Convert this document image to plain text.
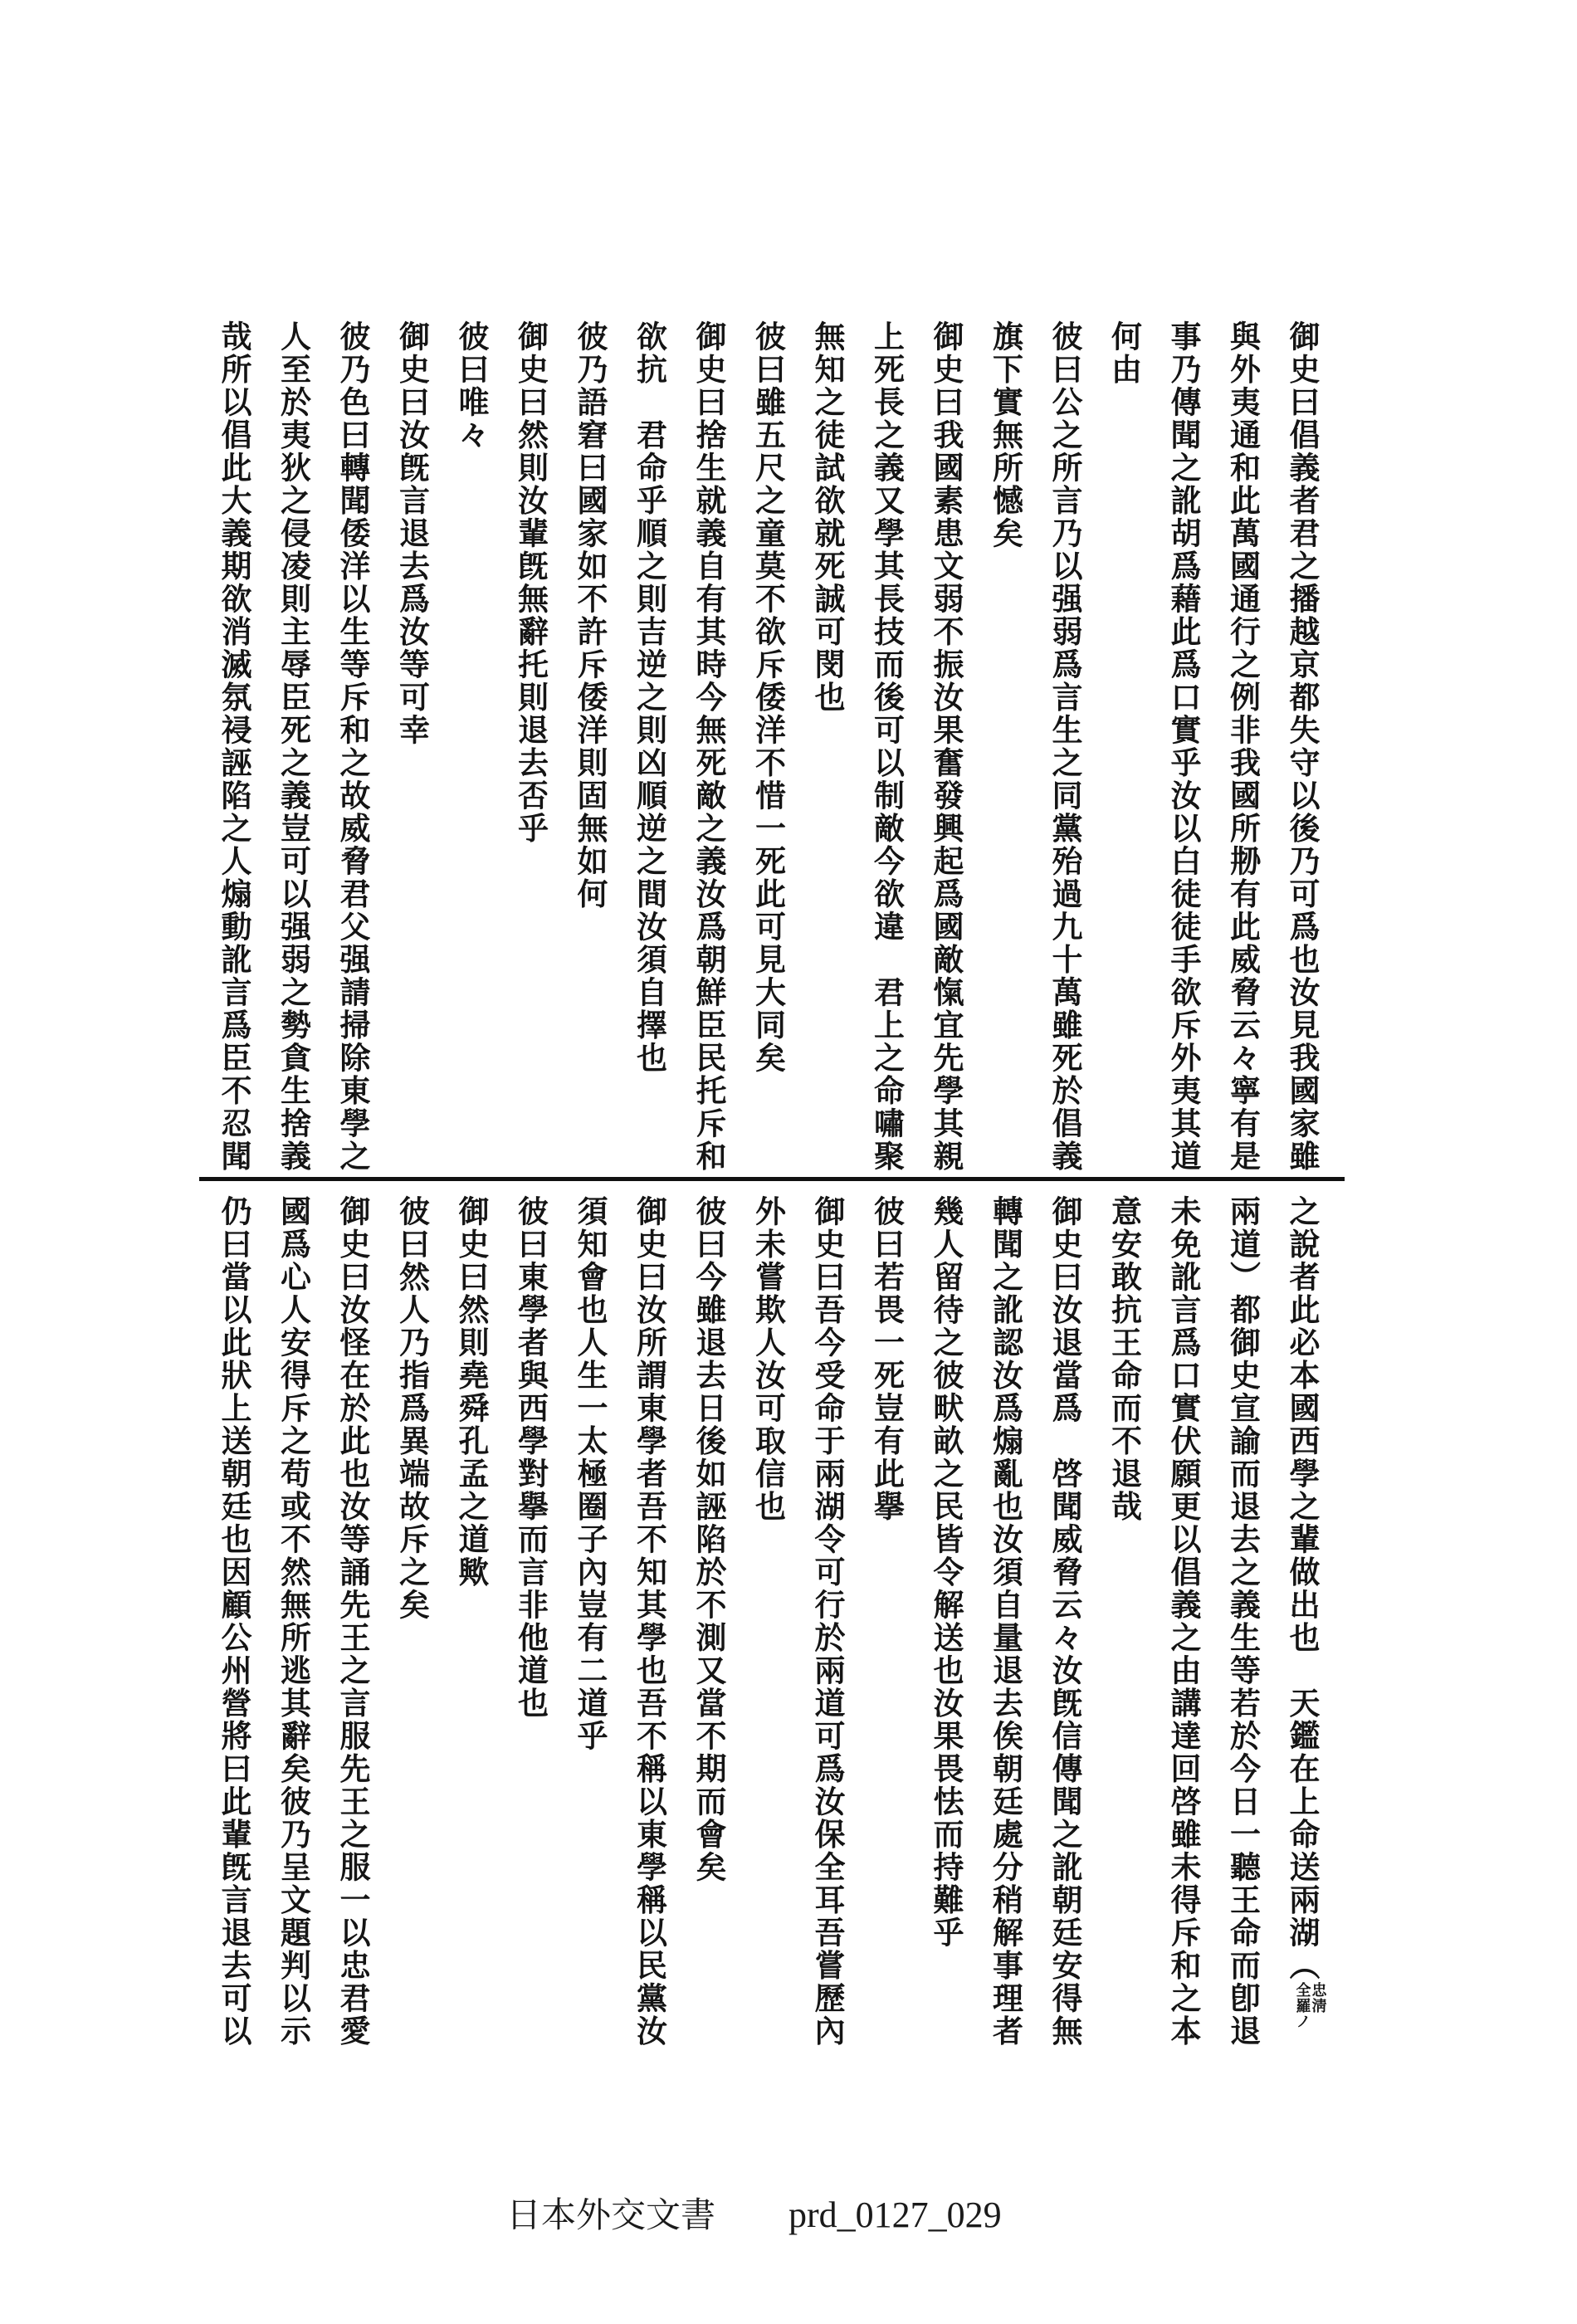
御史曰倡義者君之播越京都失守以後乃可爲也汝見我國家雖
與外夷通和此萬國通行之例非我國所刱有此威脅云々寧有是
事乃傳聞之訛胡爲藉此爲口實乎汝以白徒徒手欲斥外夷其道
何由
彼曰公之所言乃以强弱爲言生之同黨殆過九十萬雖死於倡義
旗下實無所憾矣
御史曰我國素患文弱不振汝果奮發興起爲國敵愾宜先學其親
上死長之義又學其長技而後可以制敵今欲違　君上之命嘯聚
無知之徒試欲就死誠可閔也
彼曰雖五尺之童莫不欲斥倭洋不惜一死此可見大同矣
御史曰捨生就義自有其時今無死敵之義汝爲朝鮮臣民托斥和
欲抗　君命乎順之則吉逆之則凶順逆之間汝須自擇也
彼乃語窘曰國家如不許斥倭洋則固無如何
御史曰然則汝輩旣無辭托則退去否乎
彼曰唯々
御史曰汝旣言退去爲汝等可幸
彼乃色曰轉聞倭洋以生等斥和之故威脅君父强請掃除東學之
人至於夷狄之侵凌則主辱臣死之義豈可以强弱之勢貪生捨義
哉所以倡此大義期欲消滅氛祲誣陷之人煽動訛言爲臣不忍聞
之說者此必本國西學之輩做出也　天鑑在上命送兩湖（
忠淸
全羅ノ
兩道）都御史宣諭而退去之義生等若於今日一聽王命而卽退
未免訛言爲口實伏願更以倡義之由講達回啓雖未得斥和之本
意安敢抗王命而不退哉
御史曰汝退當爲　啓聞威脅云々汝旣信傳聞之訛朝廷安得無
轉聞之訛認汝爲煽亂也汝須自量退去俟朝廷處分稍解事理者
幾人留待之彼畎畝之民皆令解送也汝果畏怯而持難乎
彼曰若畏一死豈有此擧
御史曰吾今受命于兩湖令可行於兩道可爲汝保全耳吾嘗歷內
外未嘗欺人汝可取信也
彼曰今雖退去日後如誣陷於不測又當不期而會矣
御史曰汝所謂東學者吾不知其學也吾不稱以東學稱以民黨汝
須知會也人生一太極圈子內豈有二道乎
彼曰東學者與西學對擧而言非他道也
御史曰然則堯舜孔孟之道歟
彼曰然人乃指爲異端故斥之矣
御史曰汝怪在於此也汝等誦先王之言服先王之服一以忠君愛
國爲心人安得斥之苟或不然無所逃其辭矣彼乃呈文題判以示
仍曰當以此狀上送朝廷也因顧公州營將曰此輩旣言退去可以
日本外交文書 prd_0127_029
